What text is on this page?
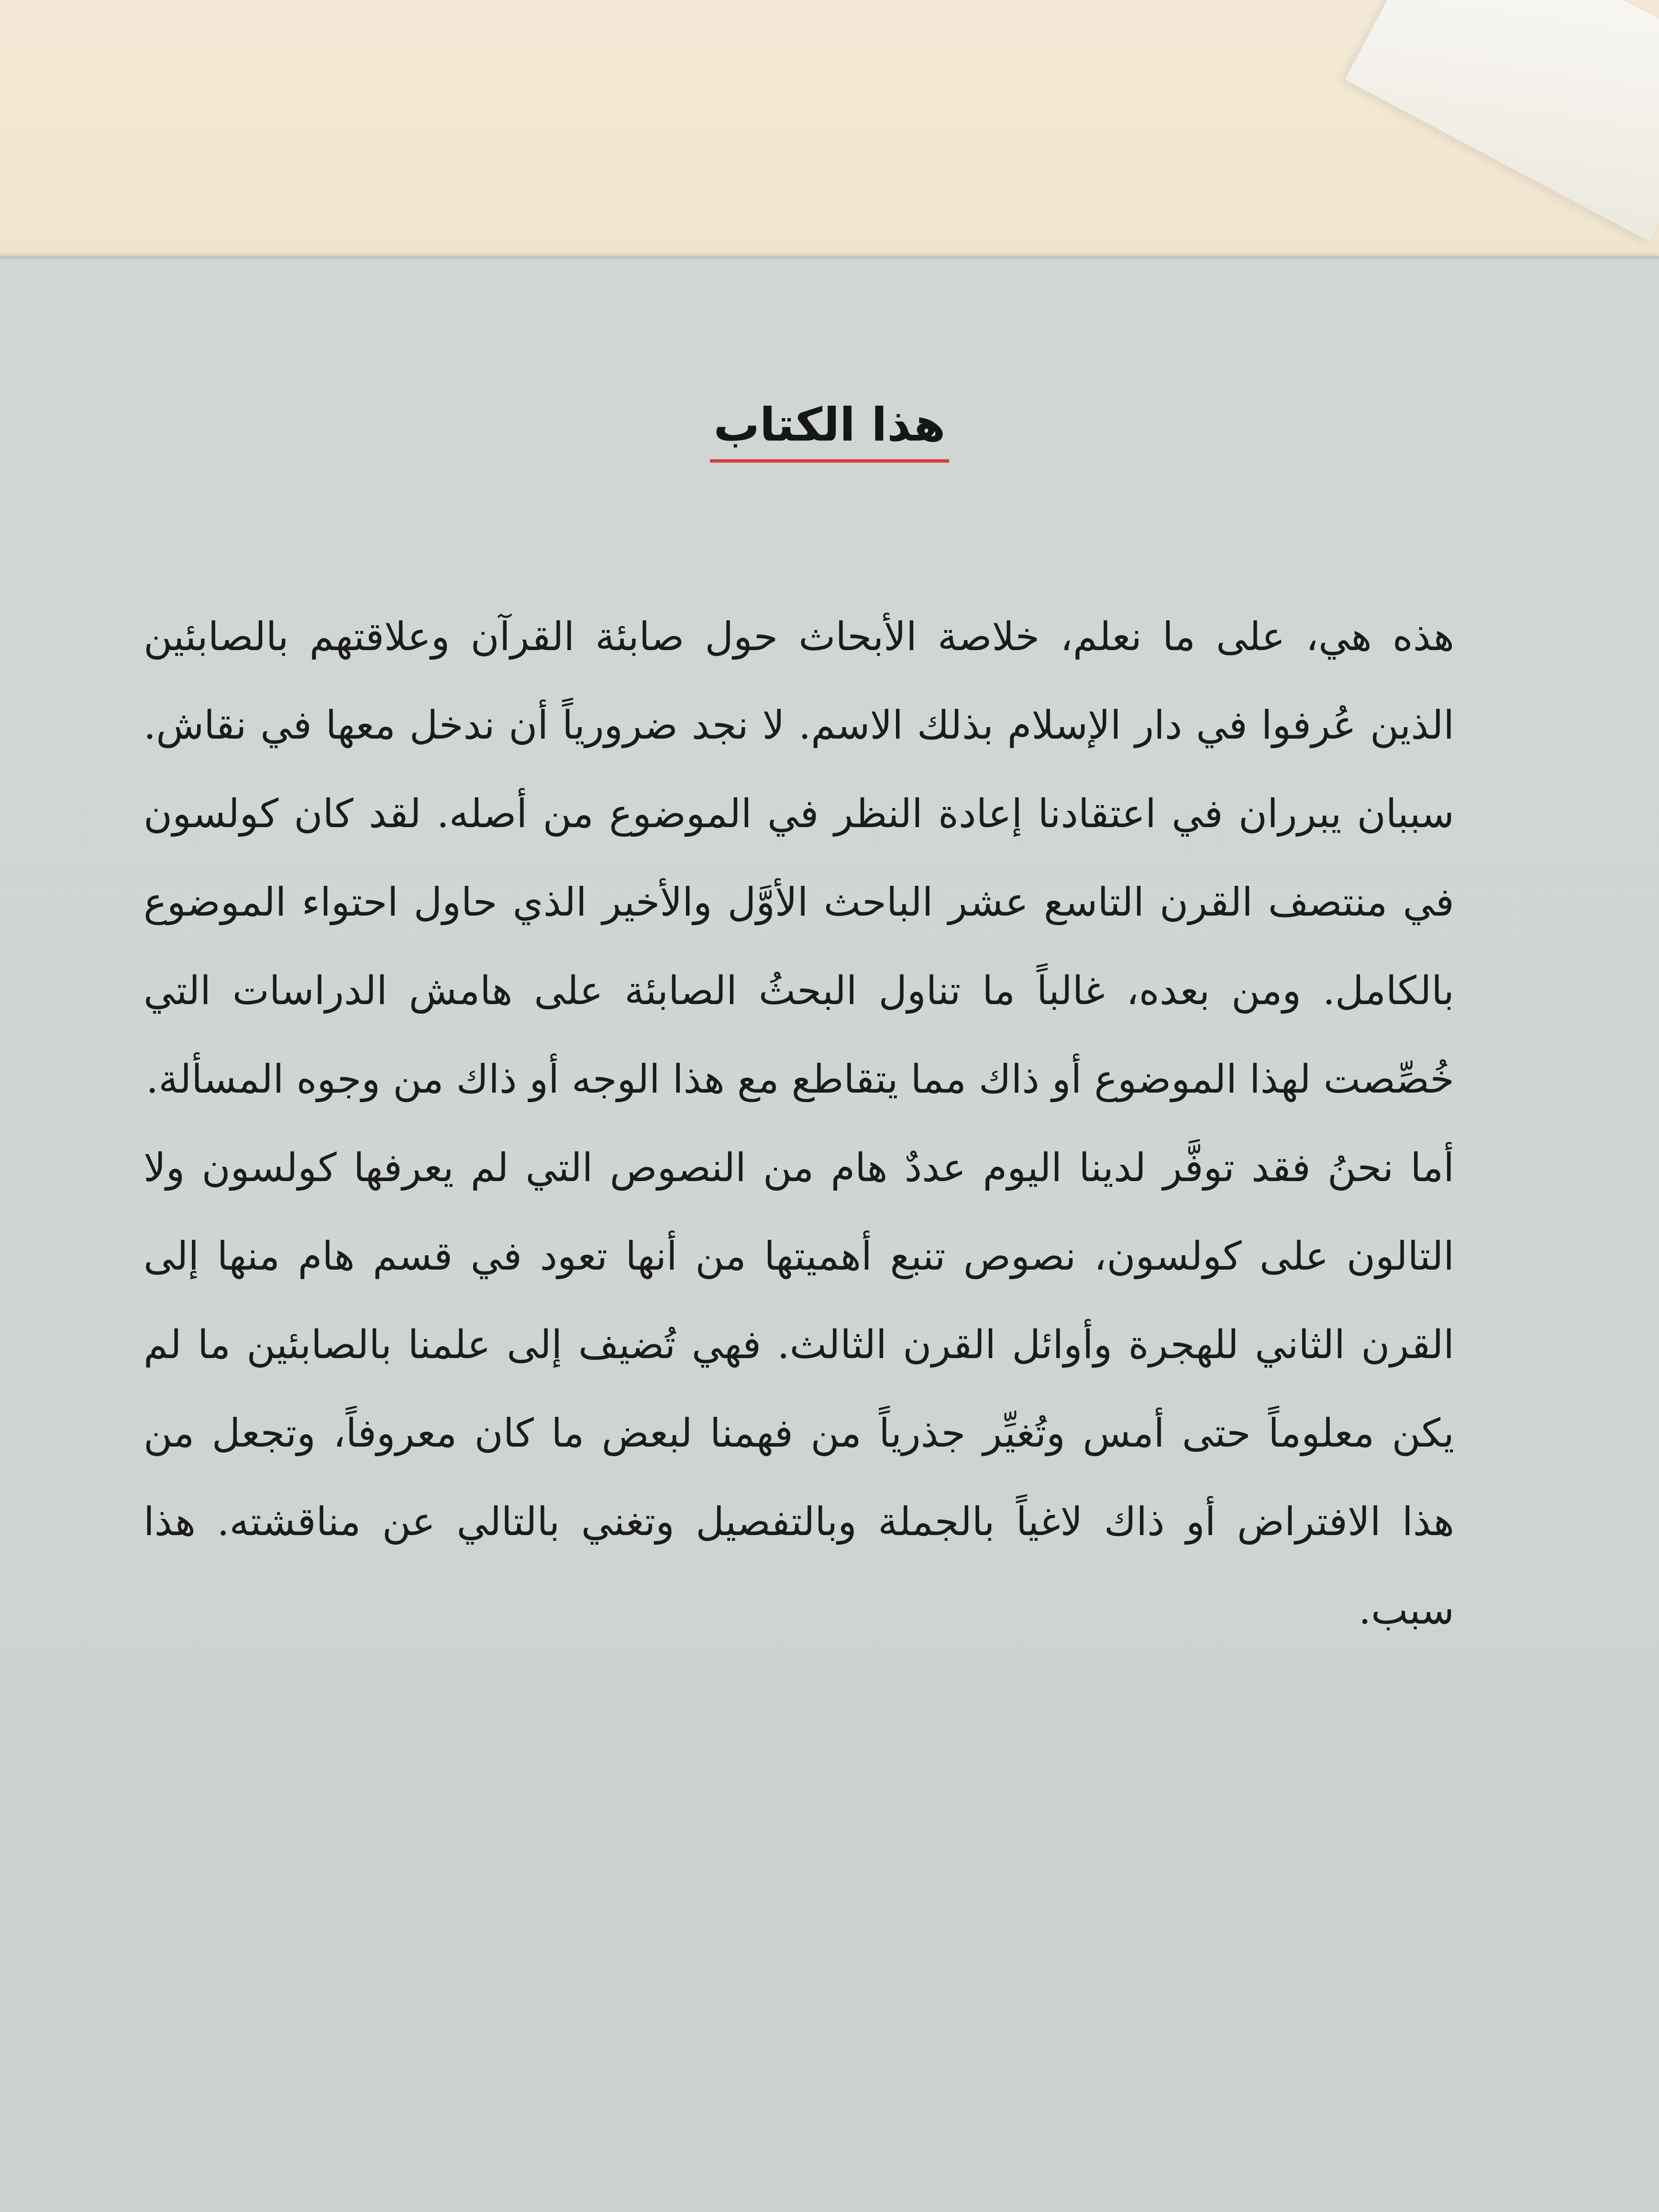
هذا الكتاب

هذه هي، على ما نعلم، خلاصة الأبحاث حول صابئة القرآن وعلاقتهم بالصابئين الذين عُرفوا في دار الإسلام بذلك الاسم. لا نجد ضرورياً أن ندخل معها في نقاش. سببان يبرران في اعتقادنا إعادة النظر في الموضوع من أصله. لقد كان كولسون في منتصف القرن التاسع عشر الباحث الأوَّل والأخير الذي حاول احتواء الموضوع بالكامل. ومن بعده، غالباً ما تناول البحثُ الصابئة على هامش الدراسات التي خُصِّصت لهذا الموضوع أو ذاك مما يتقاطع مع هذا الوجه أو ذاك من وجوه المسألة.

أما نحنُ فقد توفَّر لدينا اليوم عددٌ هام من النصوص التي لم يعرفها كولسون ولا التالون على كولسون، نصوص تنبع أهميتها من أنها تعود في قسم هام منها إلى القرن الثاني للهجرة وأوائل القرن الثالث. فهي تُضيف إلى علمنا بالصابئين ما لم يكن معلوماً حتى أمس وتُغيِّر جذرياً من فهمنا لبعض ما كان معروفاً، وتجعل من هذا الافتراض أو ذاك لاغياً بالجملة وبالتفصيل وتغني بالتالي عن مناقشته. هذا سبب.
